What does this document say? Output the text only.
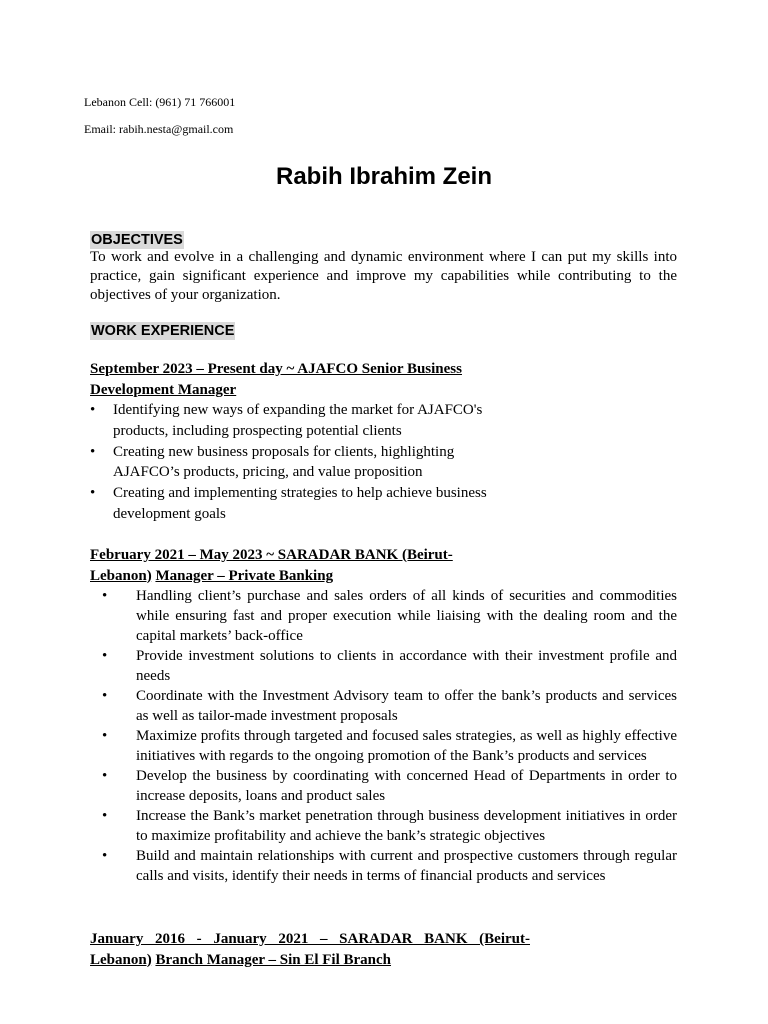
Lebanon Cell: (961) 71 766001
Email: rabih.nesta@gmail.com
Rabih Ibrahim Zein
OBJECTIVES
To work and evolve in a challenging and dynamic environment where I can put my skills into practice, gain significant experience and improve my capabilities while contributing to the objectives of your organization.
WORK EXPERIENCE
September 2023 – Present day ~ AJAFCO Senior Business Development Manager
• Identifying new ways of expanding the market for AJAFCO's products, including prospecting potential clients
• Creating new business proposals for clients, highlighting AJAFCO’s products, pricing, and value proposition
• Creating and implementing strategies to help achieve business development goals
February 2021 – May 2023 ~ SARADAR BANK (Beirut-Lebanon) Manager – Private Banking
• Handling client’s purchase and sales orders of all kinds of securities and commodities while ensuring fast and proper execution while liaising with the dealing room and the capital markets’ back-office
• Provide investment solutions to clients in accordance with their investment profile and needs
• Coordinate with the Investment Advisory team to offer the bank’s products and services as well as tailor-made investment proposals
• Maximize profits through targeted and focused sales strategies, as well as highly effective initiatives with regards to the ongoing promotion of the Bank’s products and services
• Develop the business by coordinating with concerned Head of Departments in order to increase deposits, loans and product sales
• Increase the Bank’s market penetration through business development initiatives in order to maximize profitability and achieve the bank’s strategic objectives
• Build and maintain relationships with current and prospective customers through regular calls and visits, identify their needs in terms of financial products and services
January 2016 - January 2021 – SARADAR BANK (Beirut-
Lebanon) Branch Manager – Sin El Fil Branch
